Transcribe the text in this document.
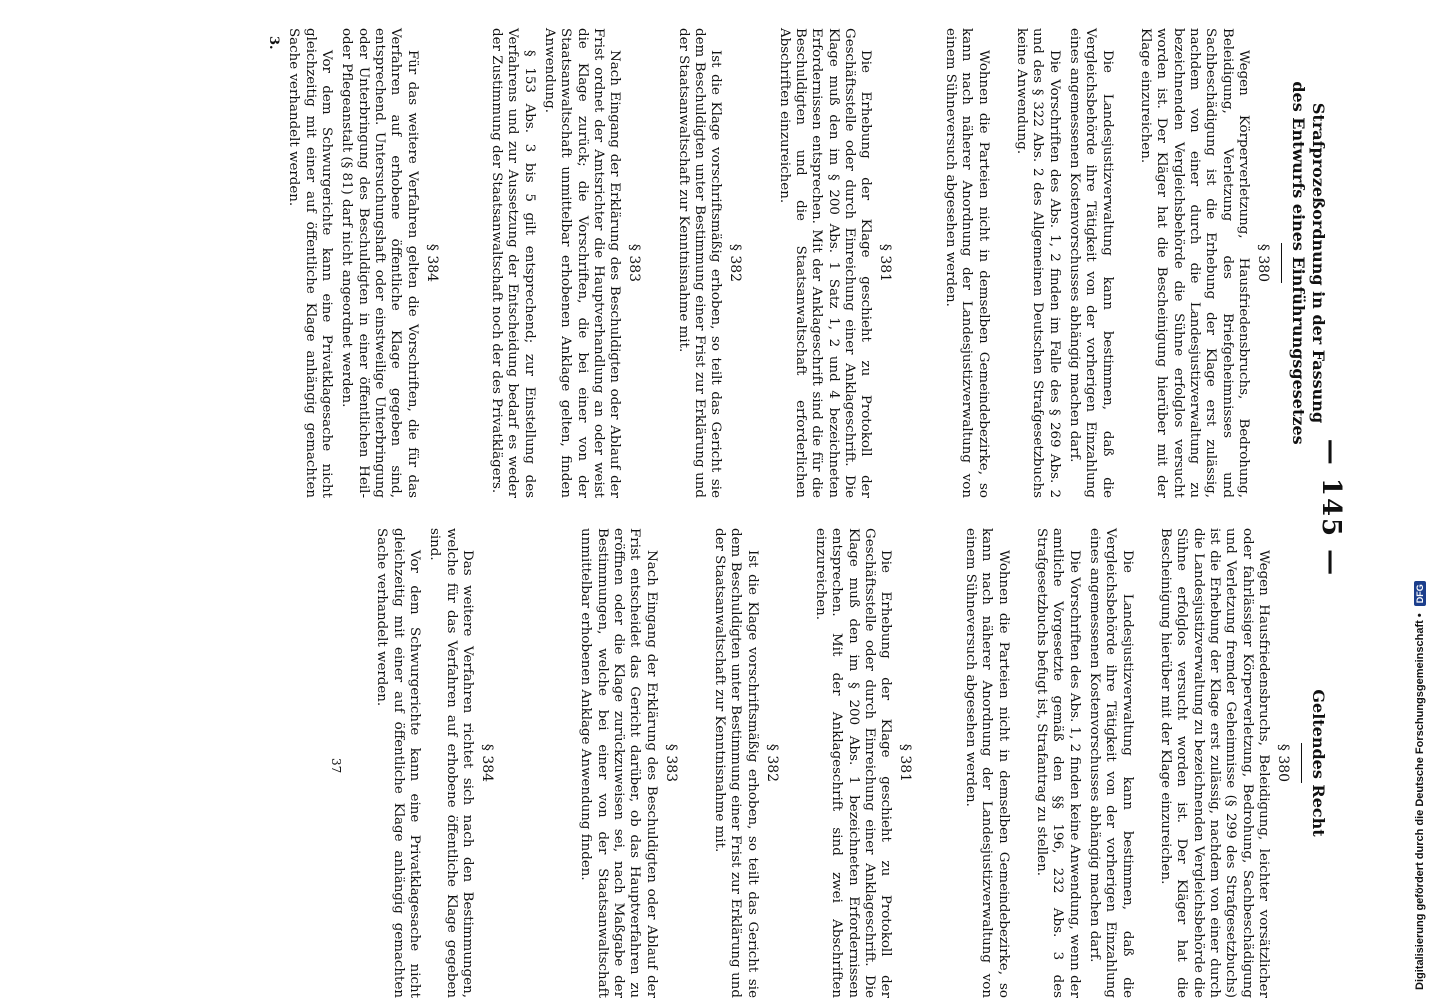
— 145 —
Strafprozeßordnung in der Fassung
des Entwurfs eines Einführungsgesetzes
§ 380

Wegen Körperverletzung, Hausfriedensbruchs, Bedrohung, Beleidigung, Verletzung des Briefgeheimnisses und Sachbeschädigung ist die Erhebung der Klage erst zulässig, nachdem von einer durch die Landesjustizverwaltung zu bezeichnenden Vergleichsbehörde die Sühne erfolglos versucht worden ist. Der Kläger hat die Bescheinigung hierüber mit der Klage einzureichen.

Die Landesjustizverwaltung kann bestimmen, daß die Vergleichsbehörde ihre Tätigkeit von der vorherigen Einzahlung eines angemessenen Kostenvorschusses abhängig machen darf.

Die Vorschriften des Abs. 1, 2 finden im Falle des § 269 Abs. 2 und des § 322 Abs. 2 des Allgemeinen Deutschen Strafgesetzbuchs keine Anwendung.

Wohnen die Parteien nicht in demselben Gemeindebezirke, so kann nach näherer Anordnung der Landesjustizverwaltung von einem Sühneversuch abgesehen werden.

§ 381

Die Erhebung der Klage geschieht zu Protokoll der Geschäftsstelle oder durch Einreichung einer Anklageschrift. Die Klage muß den im § 200 Abs. 1 Satz 1, 2 und 4 bezeichneten Erfordernissen entsprechen. Mit der Anklageschrift sind die für die Beschuldigten und die Staatsanwaltschaft erforderlichen Abschriften einzureichen.

§ 382

Ist die Klage vorschriftsmäßig erhoben, so teilt das Gericht sie dem Beschuldigten unter Bestimmung einer Frist zur Erklärung und der Staatsanwaltschaft zur Kenntnisnahme mit.

§ 383

Nach Eingang der Erklärung des Beschuldigten oder Ablauf der Frist ordnet der Amtsrichter die Hauptverhandlung an oder weist die Klage zurück; die Vorschriften, die bei einer von der Staatsanwaltschaft unmittelbar erhobenen Anklage gelten, finden Anwendung.

§ 153 Abs. 3 bis 5 gilt entsprechend; zur Einstellung des Verfahrens und zur Aussetzung der Entscheidung bedarf es weder der Zustimmung der Staatsanwaltschaft noch der des Privatklägers.

§ 384

Für das weitere Verfahren gelten die Vorschriften, die für das Verfahren auf erhobene öffentliche Klage gegeben sind, entsprechend. Untersuchungshaft oder einstweilige Unterbringung oder Unterbringung des Beschuldigten in einer öffentlichen Heil- oder Pflegeanstalt (§ 81) darf nicht angeordnet werden.

Vor dem Schwurgerichte kann eine Privatklagesache nicht gleichzeitig mit einer auf öffentliche Klage anhängig gemachten Sache verhandelt werden.

3.
Geltendes Recht
§ 380

Wegen Hausfriedensbruchs, Beleidigung, leichter vorsätzlicher oder fahrlässiger Körperverletzung, Bedrohung, Sachbeschädigung und Verletzung fremder Geheimnisse (§ 299 des Strafgesetzbuchs) ist die Erhebung der Klage erst zulässig, nachdem von einer durch die Landesjustizverwaltung zu bezeichnenden Vergleichsbehörde die Sühne erfolglos versucht worden ist. Der Kläger hat die Bescheinigung hierüber mit der Klage einzureichen.

Die Landesjustizverwaltung kann bestimmen, daß die Vergleichsbehörde ihre Tätigkeit von der vorherigen Einzahlung eines angemessenen Kostenvorschusses abhängig machen darf.

Die Vorschriften des Abs. 1, 2 finden keine Anwendung, wenn der amtliche Vorgesetzte gemäß den §§ 196, 232 Abs. 3 des Strafgesetzbuchs befugt ist, Strafantrag zu stellen.

Wohnen die Parteien nicht in demselben Gemeindebezirke, so kann nach näherer Anordnung der Landesjustizverwaltung von einem Sühneversuch abgesehen werden.

§ 381

Die Erhebung der Klage geschieht zu Protokoll der Geschäftsstelle oder durch Einreichung einer Anklageschrift. Die Klage muß den im § 200 Abs. 1 bezeichneten Erfordernissen entsprechen. Mit der Anklageschrift sind zwei Abschriften einzureichen.

§ 382

Ist die Klage vorschriftsmäßig erhoben, so teilt das Gericht sie dem Beschuldigten unter Bestimmung einer Frist zur Erklärung und der Staatsanwaltschaft zur Kenntnisnahme mit.

§ 383

Nach Eingang der Erklärung des Beschuldigten oder Ablauf der Frist entscheidet das Gericht darüber, ob das Hauptverfahren zu eröffnen oder die Klage zurückzuweisen sei, nach Maßgabe der Bestimmungen, welche bei einer von der Staatsanwaltschaft unmittelbar erhobenen Anklage Anwendung finden.

§ 384

Das weitere Verfahren richtet sich nach den Bestimmungen, welche für das Verfahren auf erhobene öffentliche Klage gegeben sind.

Vor dem Schwurgerichte kann eine Privatklagesache nicht gleichzeitig mit einer auf öffentliche Klage anhängig gemachten Sache verhandelt werden.

37	Digitalisierung gefördert durch die Deutsche Forschungsgemeinschaft • DFG
